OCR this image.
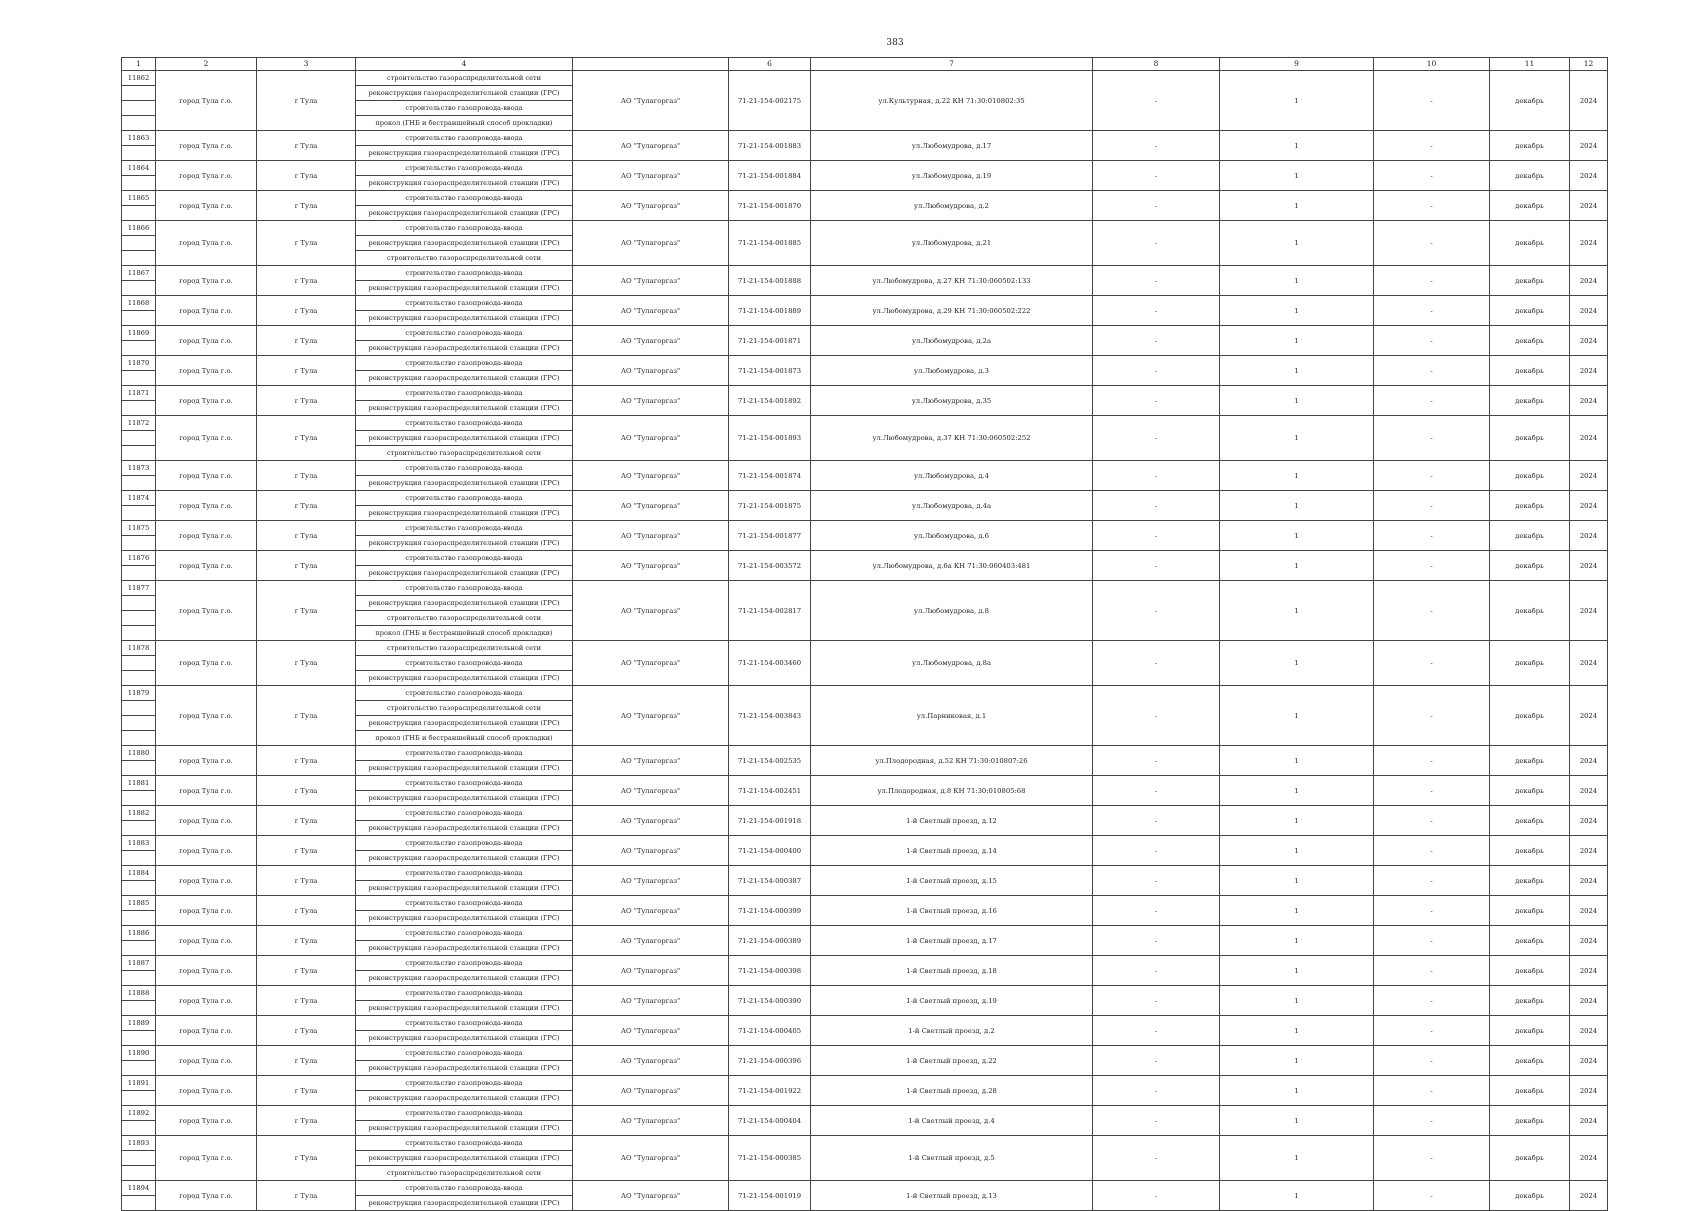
383
1	2	3	4		6	7	8	9	10	11	12
11862	город Тула г.о.	г Тула	строительство газораспределительной сети	АО "Тулагоргаз"	71-21-154-002175	ул.Культурная, д.22 КН 71:30:010802:35	-	1	-	декабрь	2024
			реконструкция газораспределительной станции (ГРС)								
			строительство газопровода-ввода								
			прокол (ГНБ и бестраншейный способ прокладки)								
11863	город Тула г.о.	г Тула	строительство газопровода-ввода	АО "Тулагоргаз"	71-21-154-001883	ул.Любомудрова, д.17	-	1	-	декабрь	2024
			реконструкция газораспределительной станции (ГРС)								
11864	город Тула г.о.	г Тула	строительство газопровода-ввода	АО "Тулагоргаз"	71-21-154-001884	ул.Любомудрова, д.19	-	1	-	декабрь	2024
			реконструкция газораспределительной станции (ГРС)								
11865	город Тула г.о.	г Тула	строительство газопровода-ввода	АО "Тулагоргаз"	71-21-154-001870	ул.Любомудрова, д.2	-	1	-	декабрь	2024
			реконструкция газораспределительной станции (ГРС)								
11866	город Тула г.о.	г Тула	строительство газопровода-ввода	АО "Тулагоргаз"	71-21-154-001885	ул.Любомудрова, д.21	-	1	-	декабрь	2024
			реконструкция газораспределительной станции (ГРС)								
			строительство газораспределительной сети								
11867	город Тула г.о.	г Тула	строительство газопровода-ввода	АО "Тулагоргаз"	71-21-154-001888	ул.Любомудрова, д.27 КН 71:30:060502:133	-	1	-	декабрь	2024
			реконструкция газораспределительной станции (ГРС)								
11868	город Тула г.о.	г Тула	строительство газопровода-ввода	АО "Тулагоргаз"	71-21-154-001889	ул.Любомудрова, д.29 КН 71:30:060502:222	-	1	-	декабрь	2024
			реконструкция газораспределительной станции (ГРС)								
11869	город Тула г.о.	г Тула	строительство газопровода-ввода	АО "Тулагоргаз"	71-21-154-001871	ул.Любомудрова, д.2а	-	1	-	декабрь	2024
			реконструкция газораспределительной станции (ГРС)								
11870	город Тула г.о.	г Тула	строительство газопровода-ввода	АО "Тулагоргаз"	71-21-154-001873	ул.Любомудрова, д.3	-	1	-	декабрь	2024
			реконструкция газораспределительной станции (ГРС)								
11871	город Тула г.о.	г Тула	строительство газопровода-ввода	АО "Тулагоргаз"	71-21-154-001892	ул.Любомудрова, д.35	-	1	-	декабрь	2024
			реконструкция газораспределительной станции (ГРС)								
11872	город Тула г.о.	г Тула	строительство газопровода-ввода	АО "Тулагоргаз"	71-21-154-001893	ул.Любомудрова, д.37 КН 71:30:060502:252	-	1	-	декабрь	2024
			реконструкция газораспределительной станции (ГРС)								
			строительство газораспределительной сети								
11873	город Тула г.о.	г Тула	строительство газопровода-ввода	АО "Тулагоргаз"	71-21-154-001874	ул.Любомудрова, д.4	-	1	-	декабрь	2024
			реконструкция газораспределительной станции (ГРС)								
11874	город Тула г.о.	г Тула	строительство газопровода-ввода	АО "Тулагоргаз"	71-21-154-001875	ул.Любомудрова, д.4а	-	1	-	декабрь	2024
			реконструкция газораспределительной станции (ГРС)								
11875	город Тула г.о.	г Тула	строительство газопровода-ввода	АО "Тулагоргаз"	71-21-154-001877	ул.Любомудрова, д.6	-	1	-	декабрь	2024
			реконструкция газораспределительной станции (ГРС)								
11876	город Тула г.о.	г Тула	строительство газопровода-ввода	АО "Тулагоргаз"	71-21-154-003572	ул.Любомудрова, д.6а КН 71:30:060403:481	-	1	-	декабрь	2024
			реконструкция газораспределительной станции (ГРС)								
11877	город Тула г.о.	г Тула	строительство газопровода-ввода	АО "Тулагоргаз"	71-21-154-002817	ул.Любомудрова, д.8	-	1	-	декабрь	2024
			реконструкция газораспределительной станции (ГРС)								
			строительство газораспределительной сети								
			прокол (ГНБ и бестраншейный способ прокладки)								
11878	город Тула г.о.	г Тула	строительство газораспределительной сети	АО "Тулагоргаз"	71-21-154-003460	ул.Любомудрова, д.8а	-	1	-	декабрь	2024
			строительство газопровода-ввода								
			реконструкция газораспределительной станции (ГРС)								
11879	город Тула г.о.	г Тула	строительство газопровода-ввода	АО "Тулагоргаз"	71-21-154-003843	ул.Парниковая, д.1	-	1	-	декабрь	2024
			строительство газораспределительной сети								
			реконструкция газораспределительной станции (ГРС)								
			прокол (ГНБ и бестраншейный способ прокладки)								
11880	город Тула г.о.	г Тула	строительство газопровода-ввода	АО "Тулагоргаз"	71-21-154-002535	ул.Плодородная, д.52 КН 71:30:010807:26	-	1	-	декабрь	2024
			реконструкция газораспределительной станции (ГРС)								
11881	город Тула г.о.	г Тула	строительство газопровода-ввода	АО "Тулагоргаз"	71-21-154-002451	ул.Плодородная, д.8 КН 71:30:010805:68	-	1	-	декабрь	2024
			реконструкция газораспределительной станции (ГРС)								
11882	город Тула г.о.	г Тула	строительство газопровода-ввода	АО "Тулагоргаз"	71-21-154-001918	1-й Светлый проезд, д.12	-	1	-	декабрь	2024
			реконструкция газораспределительной станции (ГРС)								
11883	город Тула г.о.	г Тула	строительство газопровода-ввода	АО "Тулагоргаз"	71-21-154-000400	1-й Светлый проезд, д.14	-	1	-	декабрь	2024
			реконструкция газораспределительной станции (ГРС)								
11884	город Тула г.о.	г Тула	строительство газопровода-ввода	АО "Тулагоргаз"	71-21-154-000387	1-й Светлый проезд, д.15	-	1	-	декабрь	2024
			реконструкция газораспределительной станции (ГРС)								
11885	город Тула г.о.	г Тула	строительство газопровода-ввода	АО "Тулагоргаз"	71-21-154-000399	1-й Светлый проезд, д.16	-	1	-	декабрь	2024
			реконструкция газораспределительной станции (ГРС)								
11886	город Тула г.о.	г Тула	строительство газопровода-ввода	АО "Тулагоргаз"	71-21-154-000389	1-й Светлый проезд, д.17	-	1	-	декабрь	2024
			реконструкция газораспределительной станции (ГРС)								
11887	город Тула г.о.	г Тула	строительство газопровода-ввода	АО "Тулагоргаз"	71-21-154-000398	1-й Светлый проезд, д.18	-	1	-	декабрь	2024
			реконструкция газораспределительной станции (ГРС)								
11888	город Тула г.о.	г Тула	строительство газопровода-ввода	АО "Тулагоргаз"	71-21-154-000390	1-й Светлый проезд, д.19	-	1	-	декабрь	2024
			реконструкция газораспределительной станции (ГРС)								
11889	город Тула г.о.	г Тула	строительство газопровода-ввода	АО "Тулагоргаз"	71-21-154-000405	1-й Светлый проезд, д.2	-	1	-	декабрь	2024
			реконструкция газораспределительной станции (ГРС)								
11890	город Тула г.о.	г Тула	строительство газопровода-ввода	АО "Тулагоргаз"	71-21-154-000396	1-й Светлый проезд, д.22	-	1	-	декабрь	2024
			реконструкция газораспределительной станции (ГРС)								
11891	город Тула г.о.	г Тула	строительство газопровода-ввода	АО "Тулагоргаз"	71-21-154-001922	1-й Светлый проезд, д.28	-	1	-	декабрь	2024
			реконструкция газораспределительной станции (ГРС)								
11892	город Тула г.о.	г Тула	строительство газопровода-ввода	АО "Тулагоргаз"	71-21-154-000404	1-й Светлый проезд, д.4	-	1	-	декабрь	2024
			реконструкция газораспределительной станции (ГРС)								
11893	город Тула г.о.	г Тула	строительство газопровода-ввода	АО "Тулагоргаз"	71-21-154-000385	1-й Светлый проезд, д.5	-	1	-	декабрь	2024
			реконструкция газораспределительной станции (ГРС)								
			строительство газораспределительной сети								
11894	город Тула г.о.	г Тула	строительство газопровода-ввода	АО "Тулагоргаз"	71-21-154-001919	1-й Светлый проезд, д.13	-	1	-	декабрь	2024
			реконструкция газораспределительной станции (ГРС)								
